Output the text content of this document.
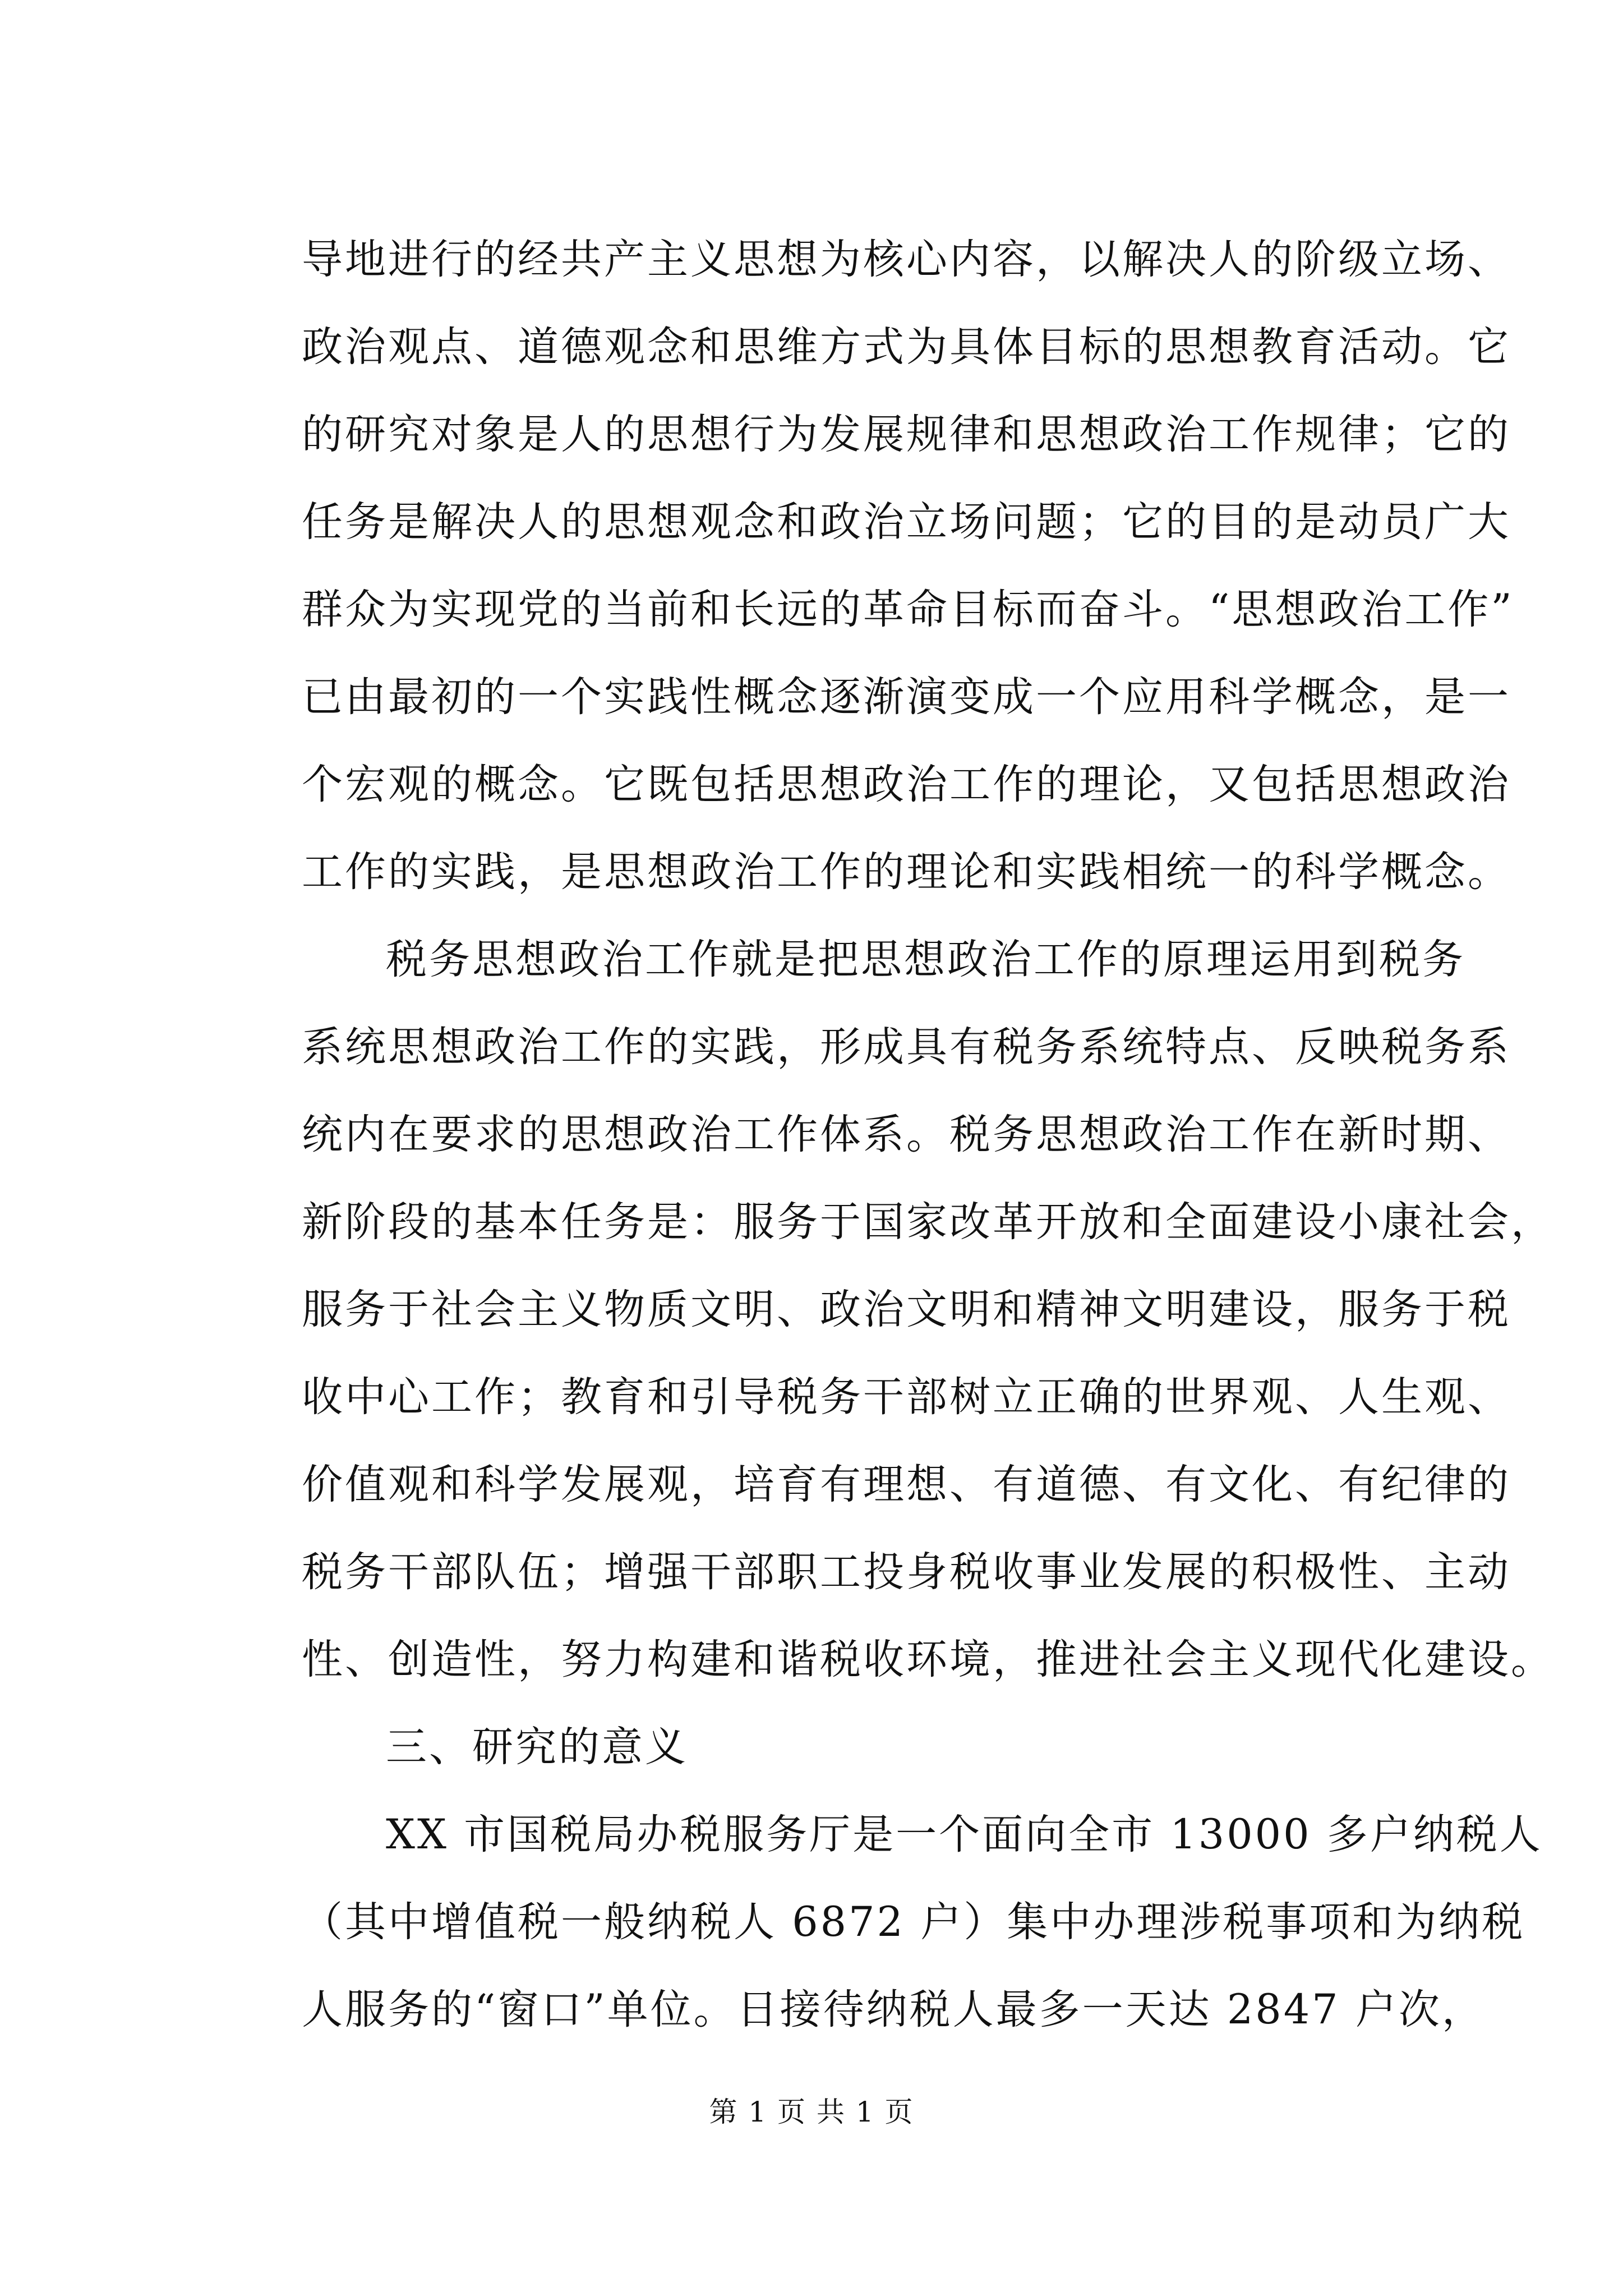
导地进行的经共产主义思想为核心内容，以解决人的阶级立场、
政治观点、道德观念和思维方式为具体目标的思想教育活动。它
的研究对象是人的思想行为发展规律和思想政治工作规律；它的
任务是解决人的思想观念和政治立场问题；它的目的是动员广大
群众为实现党的当前和长远的革命目标而奋斗。“思想政治工作”
已由最初的一个实践性概念逐渐演变成一个应用科学概念，是一
个宏观的概念。它既包括思想政治工作的理论，又包括思想政治
工作的实践，是思想政治工作的理论和实践相统一的科学概念。
税务思想政治工作就是把思想政治工作的原理运用到税务
系统思想政治工作的实践，形成具有税务系统特点、反映税务系
统内在要求的思想政治工作体系。税务思想政治工作在新时期、
新阶段的基本任务是：服务于国家改革开放和全面建设小康社会，
服务于社会主义物质文明、政治文明和精神文明建设，服务于税
收中心工作；教育和引导税务干部树立正确的世界观、人生观、
价值观和科学发展观，培育有理想、有道德、有文化、有纪律的
税务干部队伍；增强干部职工投身税收事业发展的积极性、主动
性、创造性，努力构建和谐税收环境，推进社会主义现代化建设。
三、研究的意义
XX 市国税局办税服务厅是一个面向全市 13000 多户纳税人
（其中增值税一般纳税人 6872 户）集中办理涉税事项和为纳税
人服务的“窗口”单位。日接待纳税人最多一天达 2847 户次，
第 1 页 共 1 页
